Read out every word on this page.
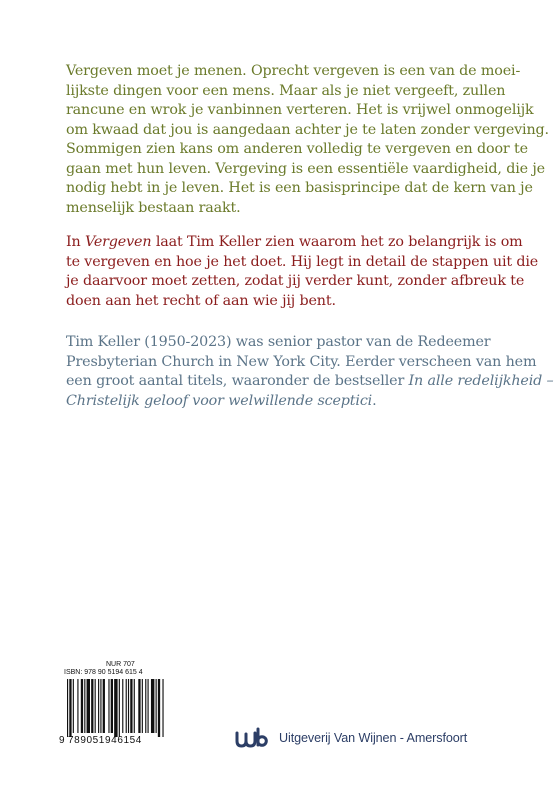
Vergeven moet je menen. Oprecht vergeven is een van de moei-
lijkste dingen voor een mens. Maar als je niet vergeeft, zullen
rancune en wrok je vanbinnen verteren. Het is vrijwel onmogelijk
om kwaad dat jou is aangedaan achter je te laten zonder vergeving.
Sommigen zien kans om anderen volledig te vergeven en door te
gaan met hun leven. Vergeving is een essentiële vaardigheid, die je
nodig hebt in je leven. Het is een basisprincipe dat de kern van je
menselijk bestaan raakt.

In Vergeven laat Tim Keller zien waarom het zo belangrijk is om
te vergeven en hoe je het doet. Hij legt in detail de stappen uit die
je daarvoor moet zetten, zodat jij verder kunt, zonder afbreuk te
doen aan het recht of aan wie jij bent.

Tim Keller (1950-2023) was senior pastor van de Redeemer
Presbyterian Church in New York City. Eerder verscheen van hem
een groot aantal titels, waaronder de bestseller In alle redelijkheid –
Christelijk geloof voor welwillende sceptici.

NUR 707
ISBN: 978 90 5194 615 4
9 789051 946154	Uitgeverij Van Wijnen - Amersfoort
